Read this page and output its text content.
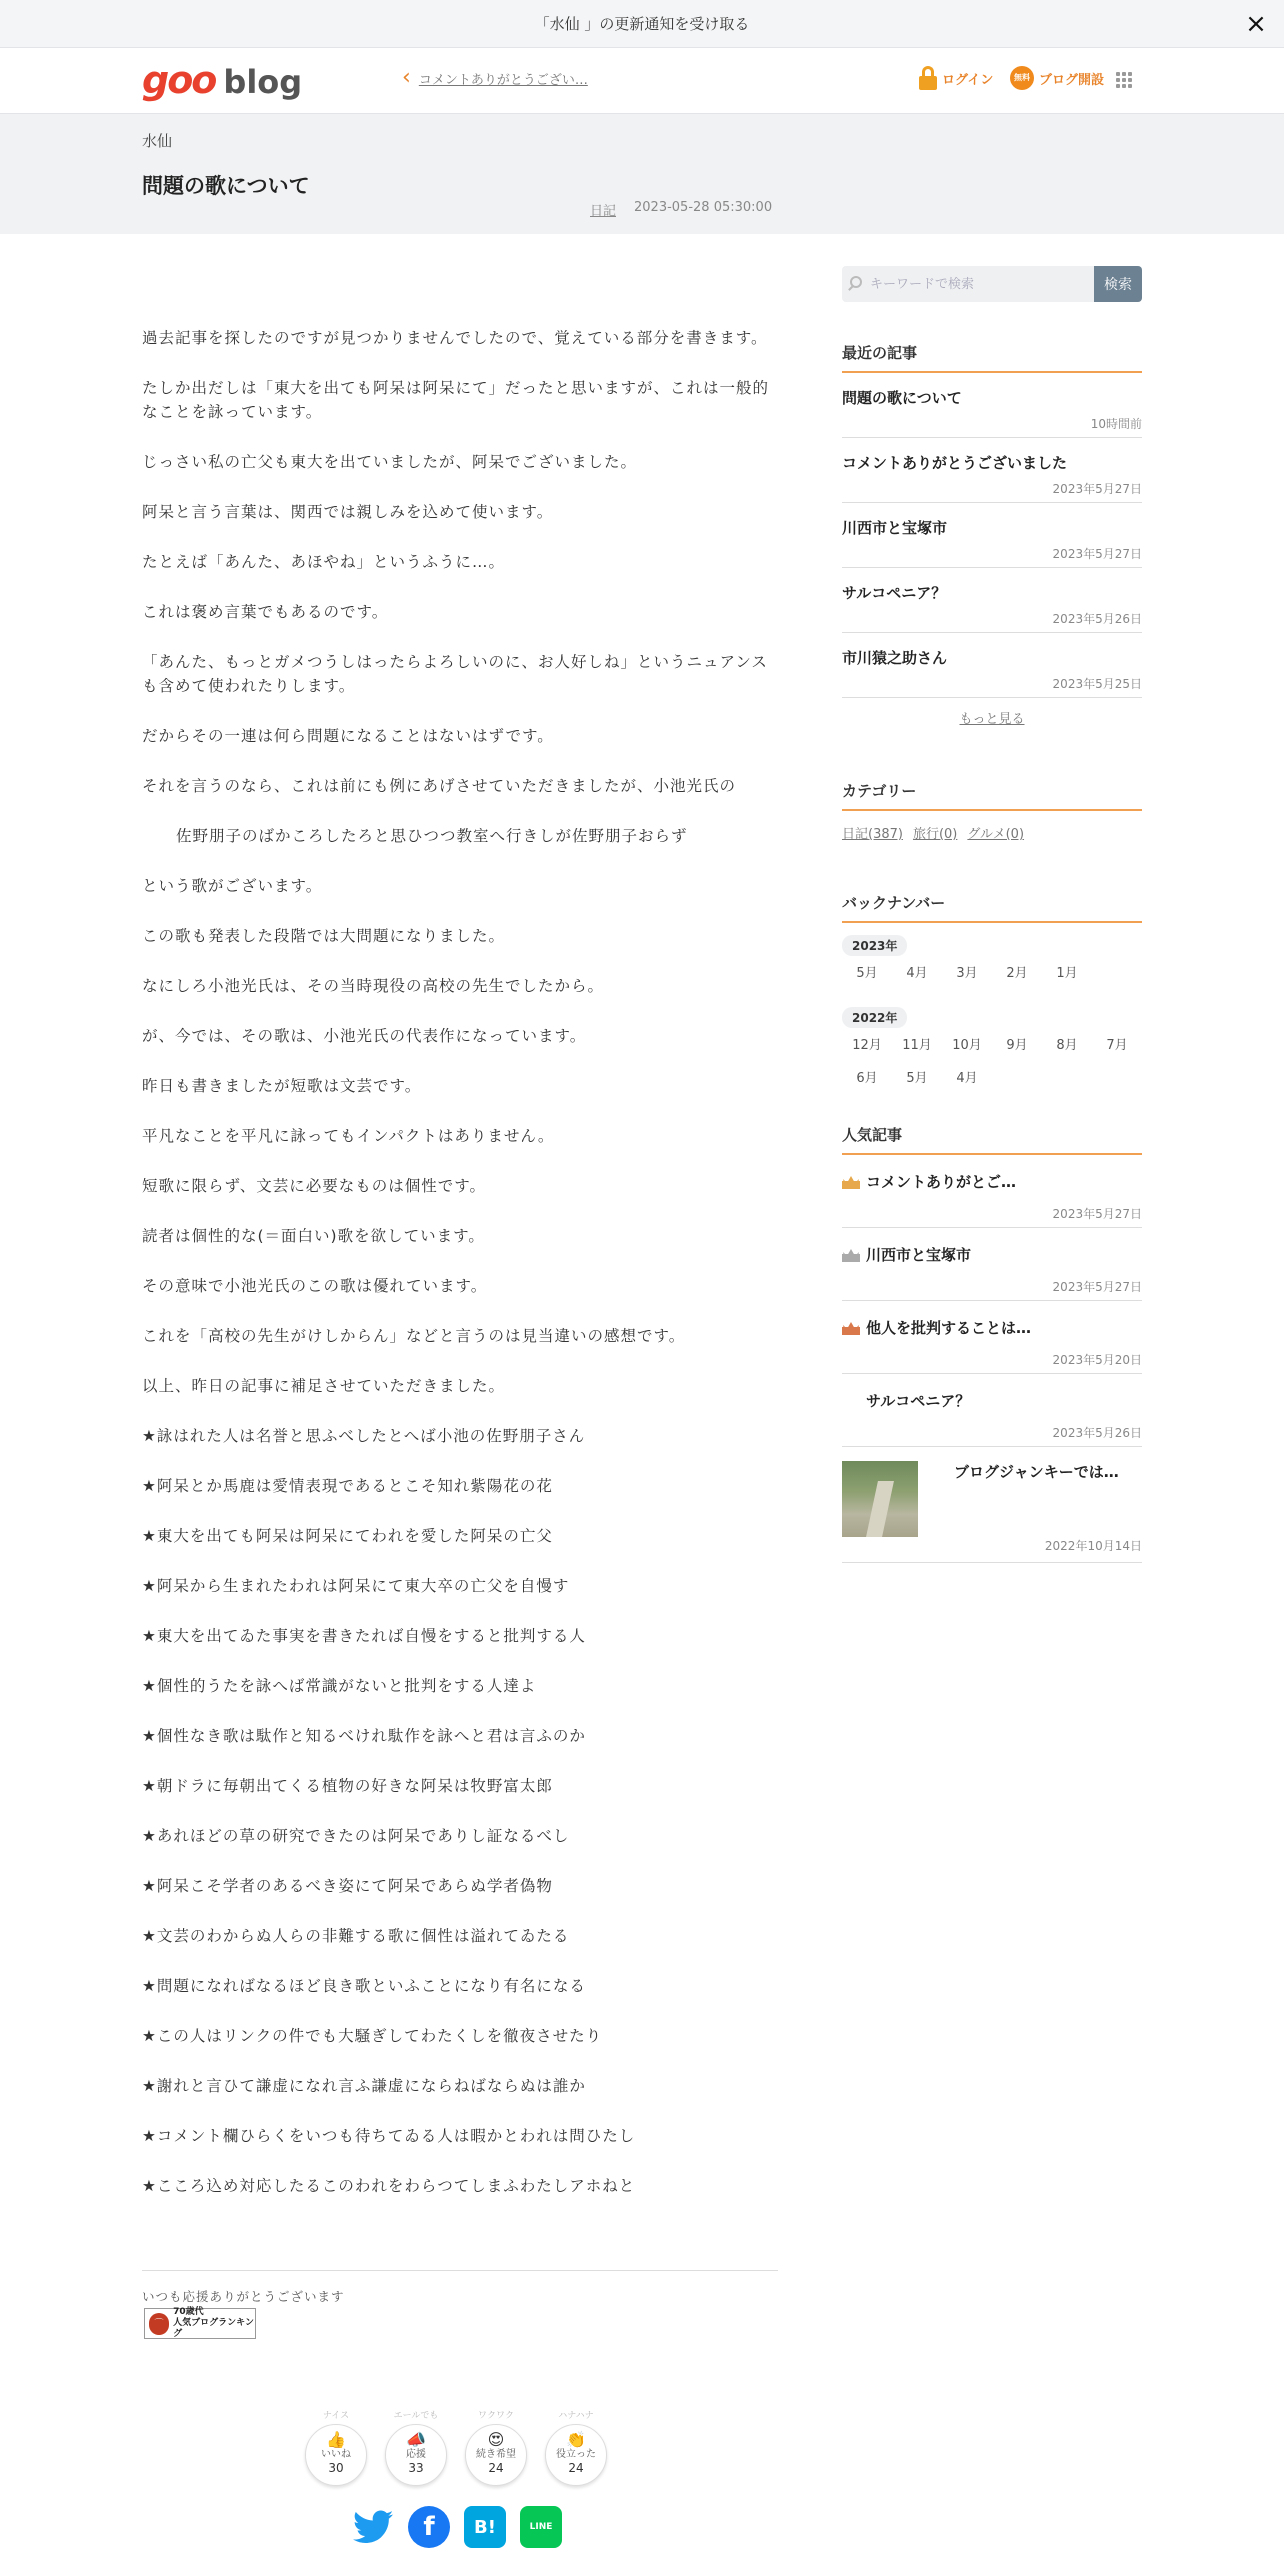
「水仙 」の更新通知を受け取る	×
goo blog	‹ コメントありがとうござい…	ログイン	無料 ブログ開設
水仙
問題の歌について
日記 2023-05-28 05:30:00

過去記事を探したのですが見つかりませんでしたので、覚えている部分を書きます。

たしか出だしは「東大を出ても阿呆は阿呆にて」だったと思いますが、これは一般的なことを詠っています。

じっさい私の亡父も東大を出ていましたが、阿呆でございました。

阿呆と言う言葉は、関西では親しみを込めて使います。

たとえば「あんた、あほやね」というふうに…。

これは褒め言葉でもあるのです。

「あんた、もっとガメつうしはったらよろしいのに、お人好しね」というニュアンスも含めて使われたりします。

だからその一連は何ら問題になることはないはずです。

それを言うのなら、これは前にも例にあげさせていただきましたが、小池光氏の

佐野朋子のばかころしたろと思ひつつ教室へ行きしが佐野朋子おらず

という歌がございます。

この歌も発表した段階では大問題になりました。

なにしろ小池光氏は、その当時現役の高校の先生でしたから。

が、今では、その歌は、小池光氏の代表作になっています。

昨日も書きましたが短歌は文芸です。

平凡なことを平凡に詠ってもインパクトはありません。

短歌に限らず、文芸に必要なものは個性です。

読者は個性的な(＝面白い)歌を欲しています。

その意味で小池光氏のこの歌は優れています。

これを「高校の先生がけしからん」などと言うのは見当違いの感想です。

以上、昨日の記事に補足させていただきました。

★詠はれた人は名誉と思ふべしたとへば小池の佐野朋子さん

★阿呆とか馬鹿は愛情表現であるとこそ知れ紫陽花の花

★東大を出ても阿呆は阿呆にてわれを愛した阿呆の亡父

★阿呆から生まれたわれは阿呆にて東大卒の亡父を自慢す

★東大を出てゐた事実を書きたれば自慢をすると批判する人

★個性的うたを詠へば常識がないと批判をする人達よ

★個性なき歌は駄作と知るべけれ駄作を詠へと君は言ふのか

★朝ドラに毎朝出てくる植物の好きな阿呆は牧野富太郎

★あれほどの草の研究できたのは阿呆でありし証なるべし

★阿呆こそ学者のあるべき姿にて阿呆であらぬ学者偽物

★文芸のわからぬ人らの非難する歌に個性は溢れてゐたる

★問題になればなるほど良き歌といふことになり有名になる

★この人はリンクの件でも大騒ぎしてわたくしを徹夜させたり

★謝れと言ひて謙虚になれ言ふ謙虚にならねばならぬは誰か

★コメント欄ひらくをいつも待ちてゐる人は暇かとわれは問ひたし

★こころ込め対応したるこのわれをわらつてしまふわたしアホねと

いつも応援ありがとうございます
⌒
70歳代
人気ブログランキング
ナイス
👍
いいね
30
エールでも
📣
応援
33
ワクワク
😍
続き希望
24
ハナハナ
👏
役立った
24
f B!	LINE
キーワードで検索
検索
最近の記事
問題の歌について
10時間前
コメントありがとうございました
2023年5月27日
川西市と宝塚市
2023年5月27日
サルコペニア？
2023年5月26日
市川猿之助さん
2023年5月25日
もっと見る
カテゴリー
日記(387) 旅行(0) グルメ(0)
バックナンバー
2023年
5月	4月	3月	2月	1月
2022年
12月	11月	10月	9月	8月	7月
6月	5月	4月
人気記事
コメントありがとご…
2023年5月27日
川西市と宝塚市
2023年5月27日
他人を批判することは…
2023年5月20日
サルコペニア？
2023年5月26日
ブログジャンキーでは…
2022年10月14日
